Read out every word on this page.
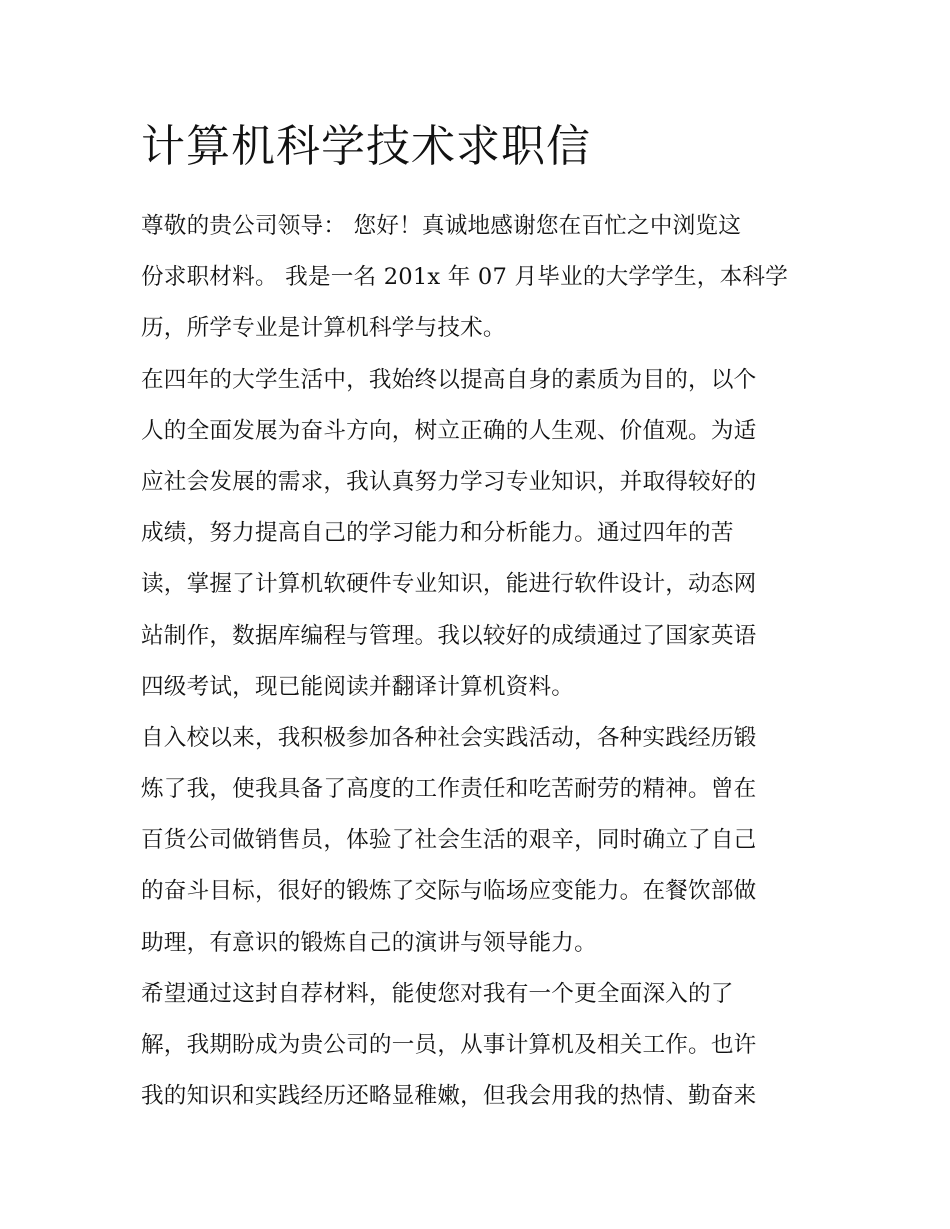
计算机科学技术求职信
尊敬的贵公司领导： 您好！真诚地感谢您在百忙之中浏览这
份求职材料。 我是一名 201x 年 07 月毕业的大学学生，本科学
历，所学专业是计算机科学与技术。
在四年的大学生活中，我始终以提高自身的素质为目的，以个
人的全面发展为奋斗方向，树立正确的人生观、价值观。为适
应社会发展的需求，我认真努力学习专业知识，并取得较好的
成绩，努力提高自己的学习能力和分析能力。通过四年的苦
读，掌握了计算机软硬件专业知识，能进行软件设计，动态网
站制作，数据库编程与管理。我以较好的成绩通过了国家英语
四级考试，现已能阅读并翻译计算机资料。
自入校以来，我积极参加各种社会实践活动，各种实践经历锻
炼了我，使我具备了高度的工作责任和吃苦耐劳的精神。曾在
百货公司做销售员，体验了社会生活的艰辛，同时确立了自己
的奋斗目标，很好的锻炼了交际与临场应变能力。在餐饮部做
助理，有意识的锻炼自己的演讲与领导能力。
希望通过这封自荐材料，能使您对我有一个更全面深入的了
解，我期盼成为贵公司的一员，从事计算机及相关工作。也许
我的知识和实践经历还略显稚嫩，但我会用我的热情、勤奋来
